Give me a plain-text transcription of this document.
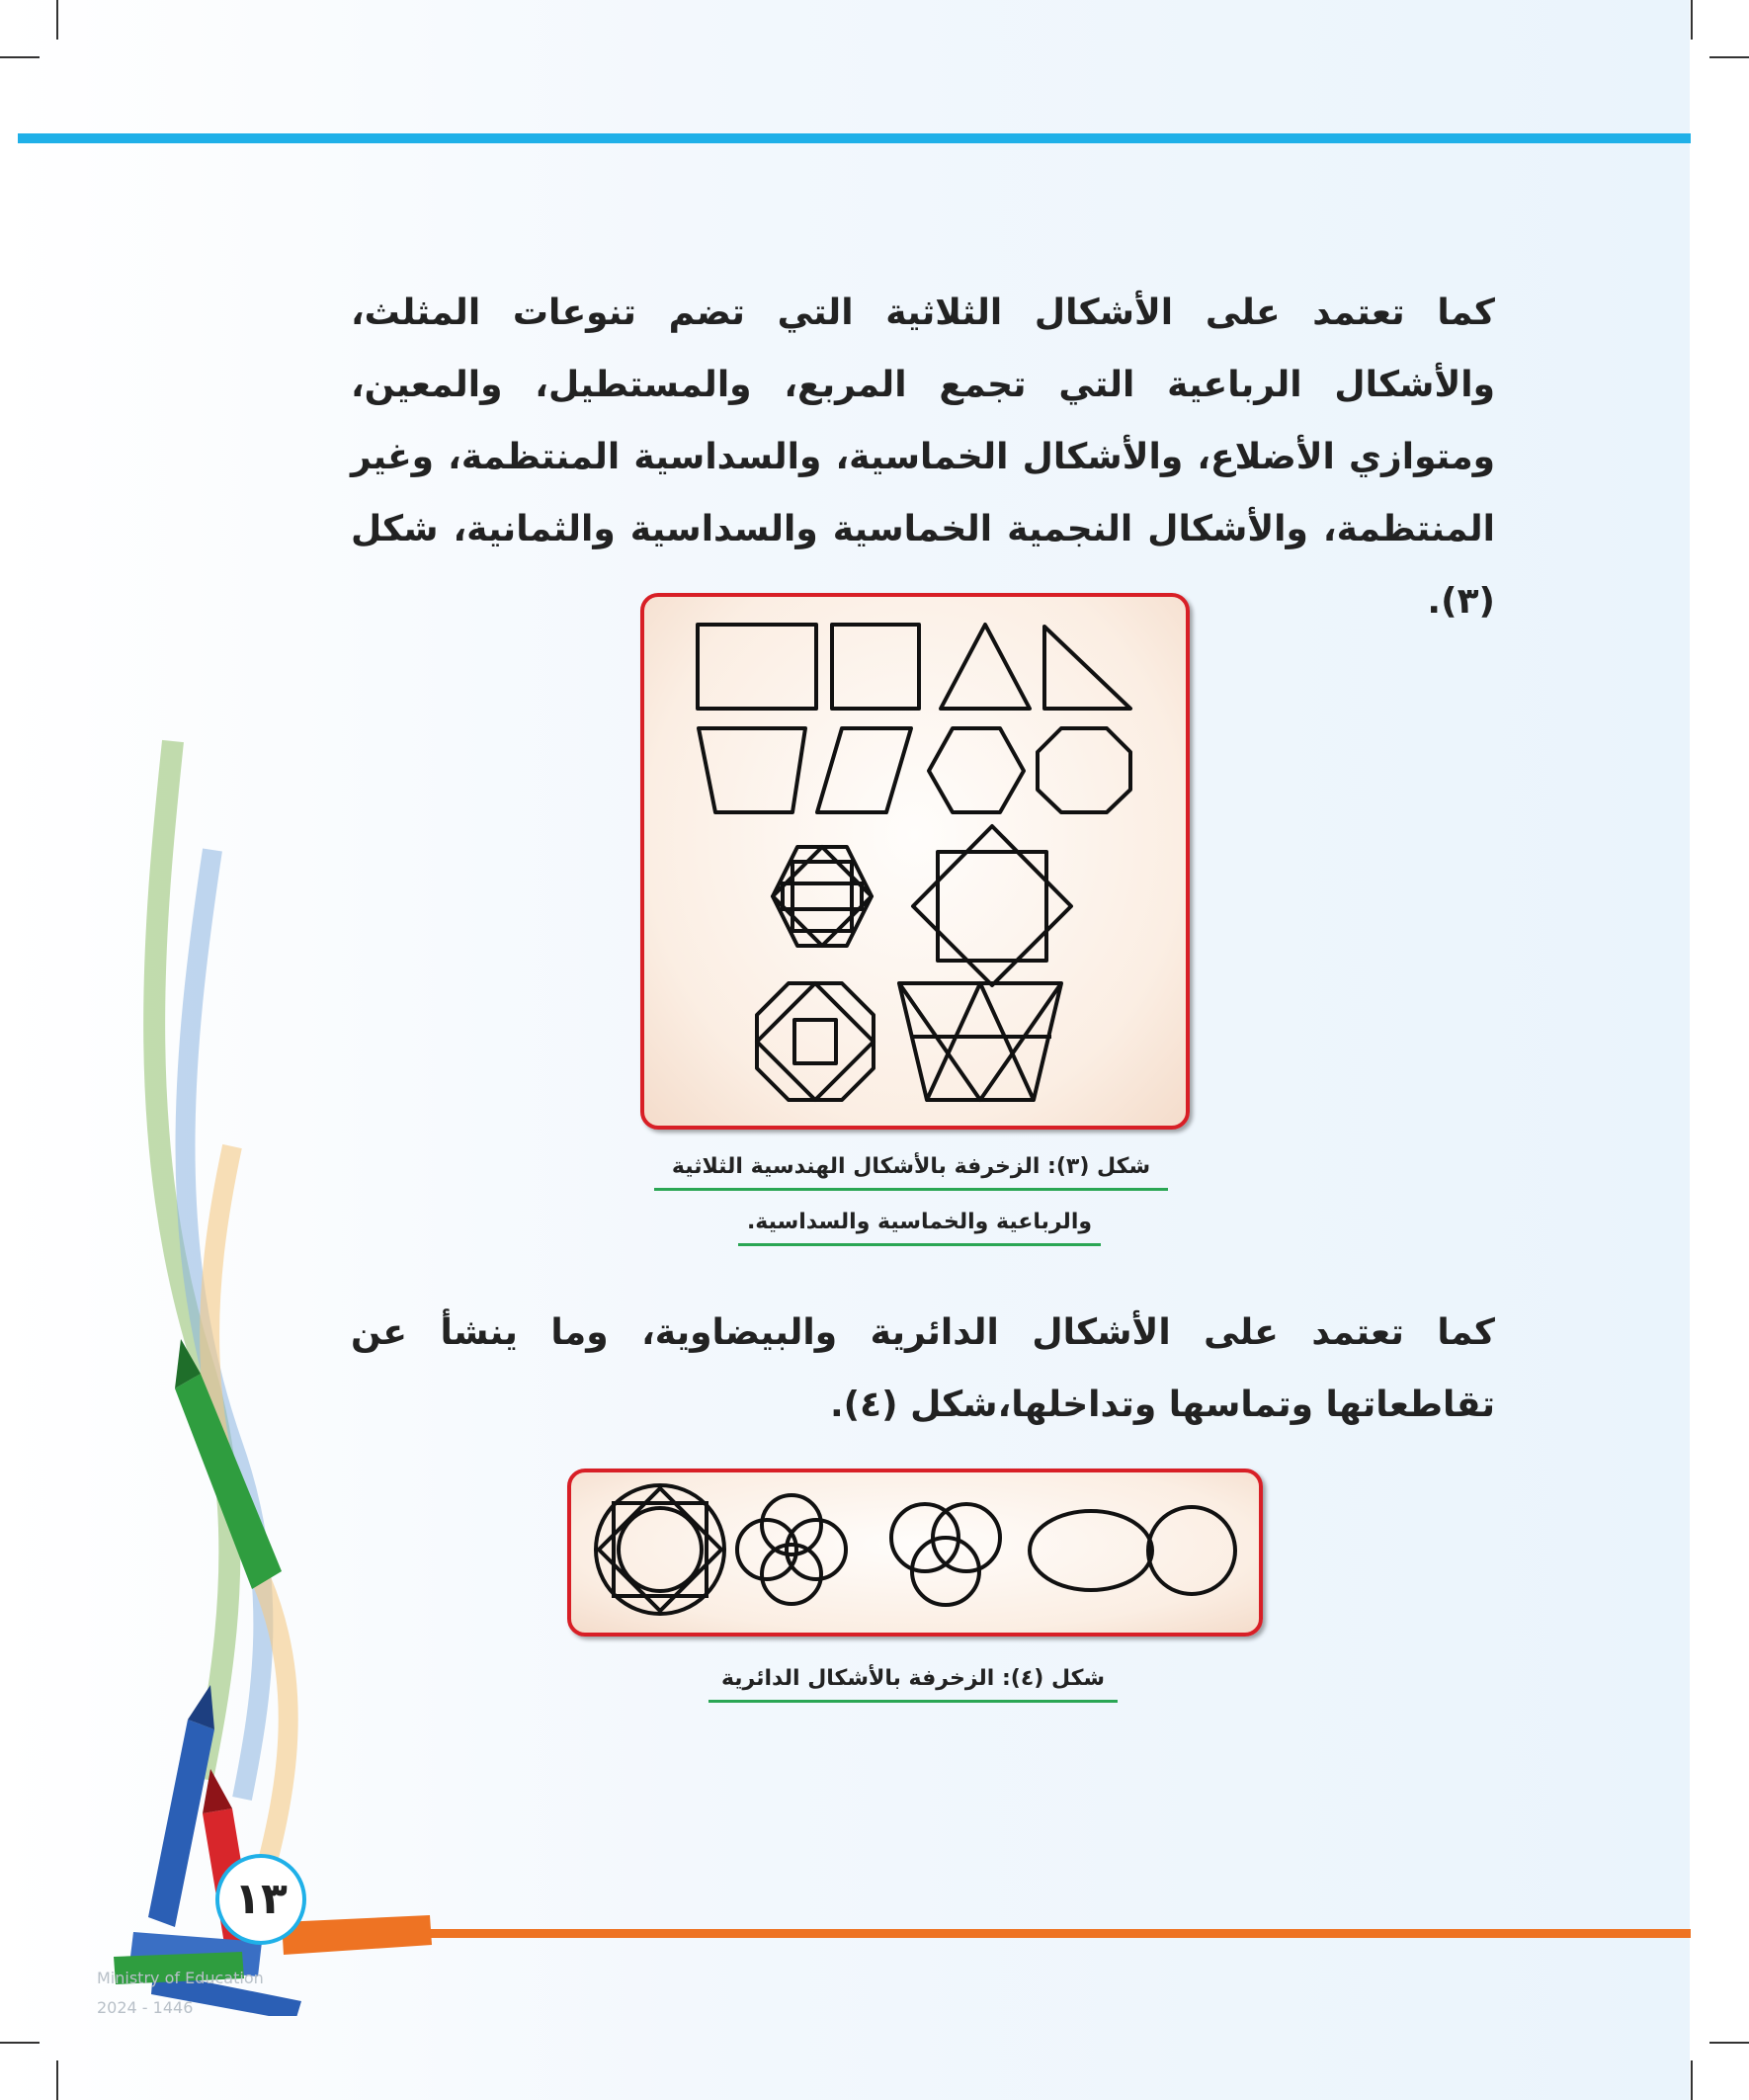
كما تعتمد على الأشكال الثلاثية التي تضم تنوعات المثلث، والأشكال الرباعية التي تجمع المربع، والمستطيل، والمعين، ومتوازي الأضلاع، والأشكال الخماسية، والسداسية المنتظمة، وغير المنتظمة، والأشكال النجمية الخماسية والسداسية والثمانية، شكل (٣).

شكل (٣): الزخرفة بالأشكال الهندسية الثلاثية
والرباعية والخماسية والسداسية.

كما تعتمد على الأشكال الدائرية والبيضاوية، وما ينشأ عن تقاطعاتها وتماسها وتداخلها،شكل (٤).

شكل (٤): الزخرفة بالأشكال الدائرية
١٣
Ministry of Education
2024 - 1446
